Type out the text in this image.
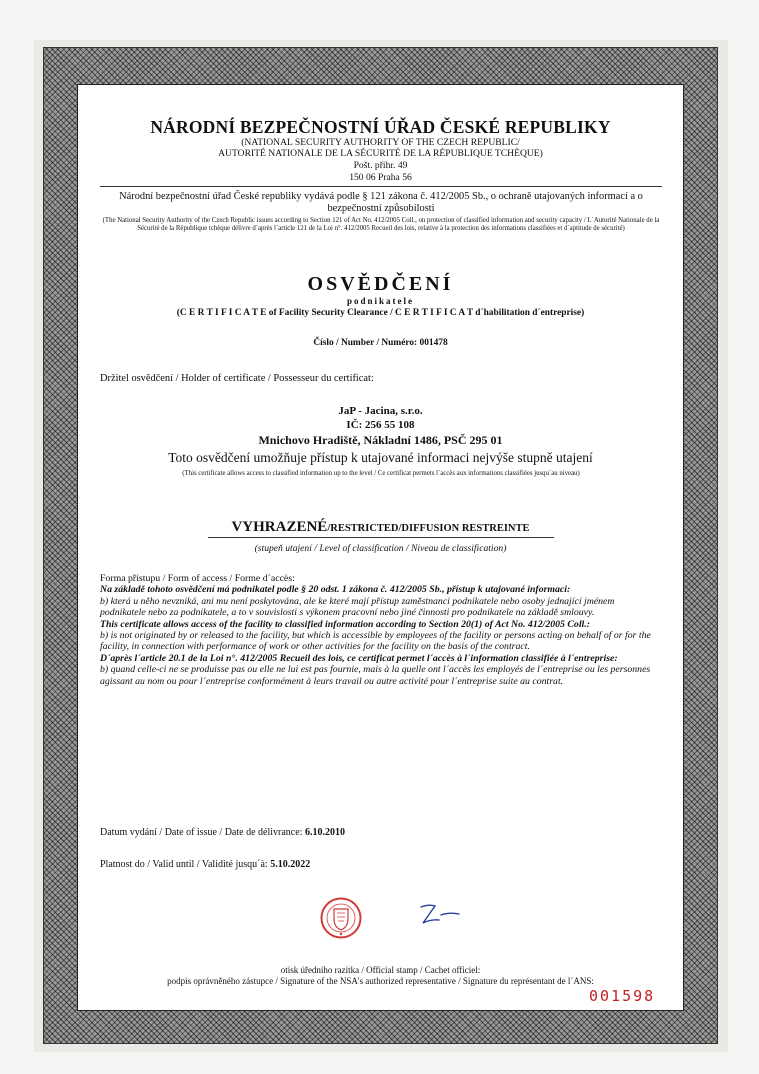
NÁRODNÍ BEZPEČNOSTNÍ ÚŘAD ČESKÉ REPUBLIKY
(NATIONAL SECURITY AUTHORITY OF THE CZECH REPUBLIC/
AUTORITÉ NATIONALE DE LA SÉCURITÉ DE LA RÉPUBLIQUE TCHÈQUE)
Pošt. přihr. 49
150 06 Praha 56
Národní bezpečnostní úřad České republiky vydává podle § 121 zákona č. 412/2005 Sb., o ochraně utajovaných informací a o bezpečnostní způsobilosti
(The National Security Authority of the Czech Republic issues according to Section 121 of Act No. 412/2005 Coll., on protection of classified information and security capacity / L´Autorité Nationale de la Sécurité de la République tchèque délivre d´après l´article 121 de la Loi n°. 412/2005 Recueil des lois, relative à la protection des informations classifiées et d´aptitude de sécurité)
OSVĚDČENÍ
podnikatele
(C E R T I F I C A T E of Facility Security Clearance / C E R T I F I C A T d´habilitation d´entreprise)
Číslo / Number / Numéro: 001478
Držitel osvědčení / Holder of certificate / Possesseur du certificat:
JaP - Jacina, s.r.o.
IČ: 256 55 108
Mnichovo Hradiště, Nákladní 1486, PSČ 295 01
Toto osvědčení umožňuje přístup k utajované informaci nejvýše stupně utajení
(This certificate allows access to classified information up to the level / Ce certificat permets l´accès aux informations classifiées jusqu´au niveau)
VYHRAZENÉ/RESTRICTED/DIFFUSION RESTREINTE
(stupeň utajení / Level of classification / Niveau de classification)
Forma přístupu / Form of access / Forme d´accès:
Na základě tohoto osvědčení má podnikatel podle § 20 odst. 1 zákona č. 412/2005 Sb., přístup k utajované informaci:
b) která u něho nevzniká, ani mu není poskytována, ale ke které mají přístup zaměstnanci podnikatele nebo osoby jednající jménem podnikatele nebo za podnikatele, a to v souvislosti s výkonem pracovní nebo jiné činnosti pro podnikatele na základě smlouvy.
This certificate allows access of the facility to classified information according to Section 20(1) of Act No. 412/2005 Coll.:
b) is not originated by or released to the facility, but which is accessible by employees of the facility or persons acting on behalf of or for the facility, in connection with performance of work or other activities for the facility on the basis of the contract.
D´après l´article 20.1 de la Loi n°. 412/2005 Recueil des lois, ce certificat permet l´accès à l´information classifiée à l´entreprise:
b) quand celle-ci ne se produisse pas ou elle ne lui est pas fournie, mais à la quelle ont l´accès les employés de l´entreprise ou les personnes agissant au nom ou pour l´entreprise conformément à leurs travail ou autre activité pour l´entreprise suite au contrat.
Datum vydání / Date of issue / Date de délivrance: 6.10.2010
Platnost do / Valid until / Validité jusqu´à: 5.10.2022
otisk úředního razítka / Official stamp / Cachet officiel:
podpis oprávněného zástupce / Signature of the NSA's authorized representative / Signature du représentant de l´ANS:
001598
